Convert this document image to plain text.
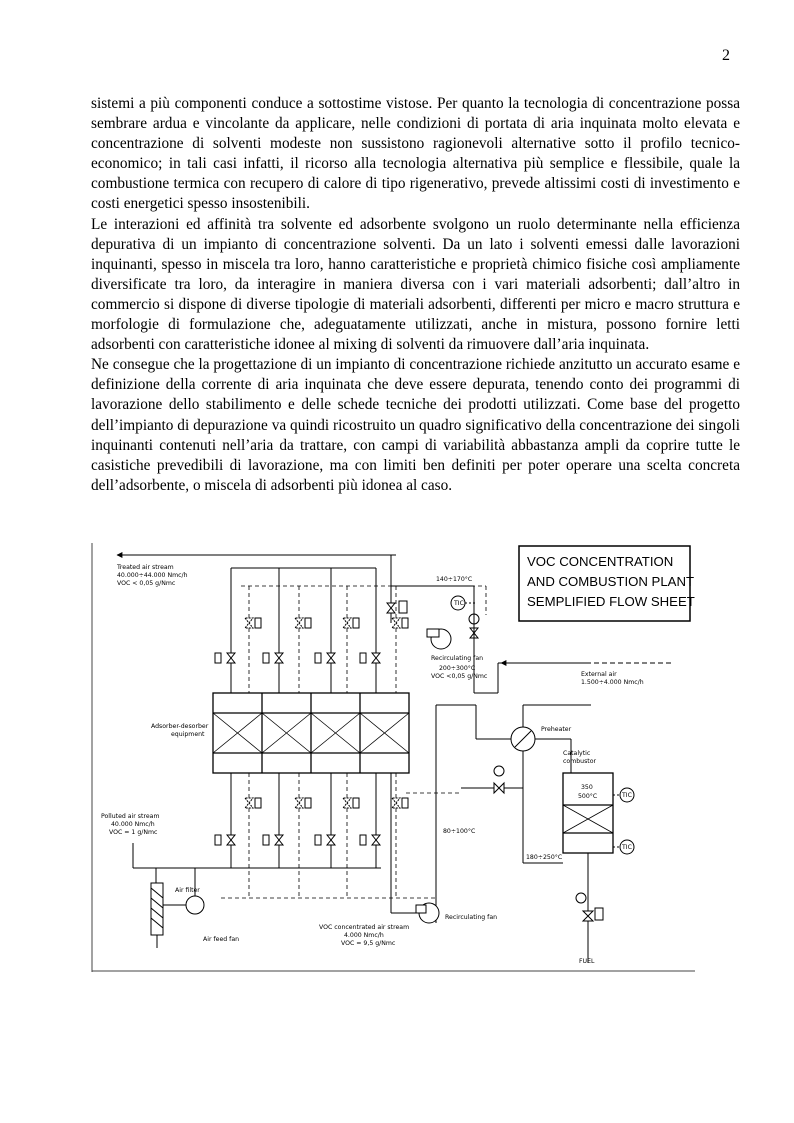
2

sistemi a più componenti conduce a sottostime vistose. Per quanto la tecnologia di concentrazione possa sembrare ardua e vincolante da applicare, nelle condizioni di portata di aria inquinata molto elevata e concentrazione di solventi modeste non sussistono ragionevoli alternative sotto il profilo tecnico-economico; in tali casi infatti, il ricorso alla tecnologia alternativa più semplice e flessibile, quale la combustione termica con recupero di calore di tipo rigenerativo, prevede altissimi costi di investimento e costi energetici spesso insostenibili.

Le interazioni ed affinità tra solvente ed adsorbente svolgono un ruolo determinante nella efficienza depurativa di un impianto di concentrazione solventi. Da un lato i solventi emessi dalle lavorazioni inquinanti, spesso in miscela tra loro, hanno caratteristiche e proprietà chimico fisiche così ampliamente diversificate tra loro, da interagire in maniera diversa con i vari materiali adsorbenti; dall’altro in commercio si dispone di diverse tipologie di materiali adsorbenti, differenti per micro e macro struttura e morfologie di formulazione che, adeguatamente utilizzati, anche in mistura, possono fornire letti adsorbenti con caratteristiche idonee al mixing di solventi da rimuovere dall’aria inquinata.

Ne consegue che la progettazione di un impianto di concentrazione richiede anzitutto un accurato esame e definizione della corrente di aria inquinata che deve essere depurata, tenendo conto dei programmi di lavorazione dello stabilimento e delle schede tecniche dei prodotti utilizzati. Come base del progetto dell’impianto di depurazione va quindi ricostruito un quadro significativo della concentrazione dei singoli inquinanti contenuti nell’aria da trattare, con campi di variabilità abbastanza ampli da coprire tutte le casistiche prevedibili di lavorazione, ma con limiti ben definiti per poter operare una scelta concreta dell’adsorbente, o miscela di adsorbenti più idonea al caso.

VOC CONCENTRATION
AND COMBUSTION PLANT
SEMPLIFIED FLOW SHEET
Treated air stream
40.000÷44.000 Nmc/h
VOC < 0,05 g/Nmc
140÷170°C
Adsorber-desorber
equipment
Recirculating fan
200÷300°C
VOC <0,05 g/Nmc
TIC
External air
1.500÷4.000 Nmc/h
Preheater
Catalytic
combustor
350
500°C	TIC
TIC
180÷250°C
FUEL
Polluted air stream
40.000 Nmc/h
VOC = 1 g/Nmc
Air filter
Air feed fan
Recirculating fan
80÷100°C
VOC concentrated air stream
4.000 Nmc/h
VOC = 9,5 g/Nmc
